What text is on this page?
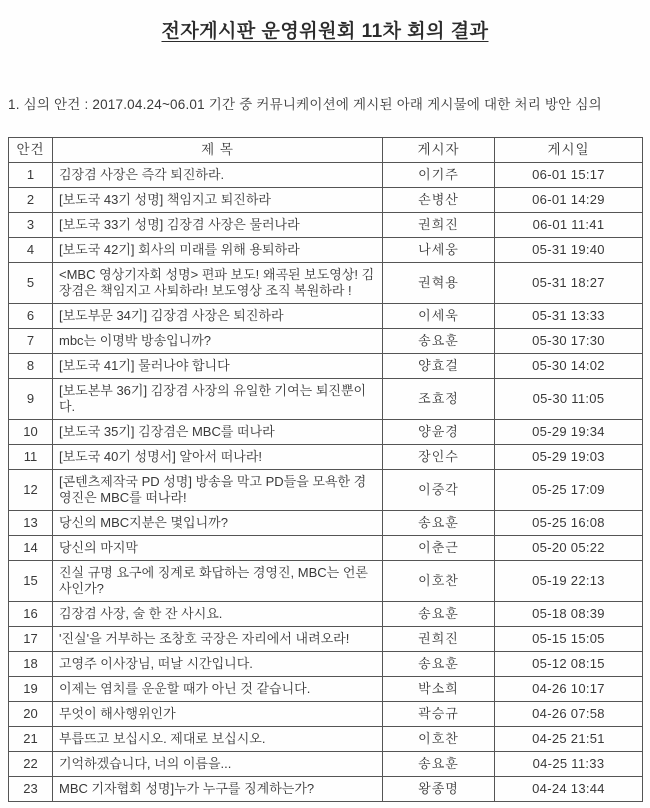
전자게시판 운영위원회 11차 회의 결과

1. 심의 안건 : 2017.04.24~06.01 기간 중 커뮤니케이션에 게시된 아래 게시물에 대한 처리 방안 심의

안건	제 목	게시자	게시일
1	김장겸 사장은 즉각 퇴진하라.	이기주	06-01 15:17
2	[보도국 43기 성명] 책임지고 퇴진하라	손병산	06-01 14:29
3	[보도국 33기 성명] 김장겸 사장은 물러나라	권희진	06-01 11:41
4	[보도국 42기] 회사의 미래를 위해 용퇴하라	나세웅	05-31 19:40
5	<MBC 영상기자회 성명> 편파 보도! 왜곡된 보도영상! 김장겸은 책임지고 사퇴하라! 보도영상 조직 복원하라 !	권혁용	05-31 18:27
6	[보도부문 34기] 김장겸 사장은 퇴진하라	이세욱	05-31 13:33
7	mbc는 이명박 방송입니까?	송요훈	05-30 17:30
8	[보도국 41기] 물러나야 합니다	양효걸	05-30 14:02
9	[보도본부 36기] 김장겸 사장의 유일한 기여는 퇴진뿐이다.	조효정	05-30 11:05
10	[보도국 35기] 김장겸은 MBC를 떠나라	양윤경	05-29 19:34
11	[보도국 40기 성명서] 알아서 떠나라!	장인수	05-29 19:03
12	[콘텐츠제작국 PD 성명] 방송을 막고 PD들을 모욕한 경영진은 MBC를 떠나라!	이중각	05-25 17:09
13	당신의 MBC지분은 몇입니까?	송요훈	05-25 16:08
14	당신의 마지막	이춘근	05-20 05:22
15	진실 규명 요구에 징계로 화답하는 경영진, MBC는 언론사인가?	이호찬	05-19 22:13
16	김장겸 사장, 술 한 잔 사시요.	송요훈	05-18 08:39
17	'진실'을 거부하는 조창호 국장은 자리에서 내려오라!	권희진	05-15 15:05
18	고영주 이사장님, 떠날 시간입니다.	송요훈	05-12 08:15
19	이제는 염치를 운운할 때가 아닌 것 같습니다.	박소희	04-26 10:17
20	무엇이 해사행위인가	곽승규	04-26 07:58
21	부릅뜨고 보십시오. 제대로 보십시오.	이호찬	04-25 21:51
22	기억하겠습니다, 너의 이름을...	송요훈	04-25 11:33
23	MBC 기자협회 성명]누가 누구를 징계하는가?	왕종명	04-24 13:44
